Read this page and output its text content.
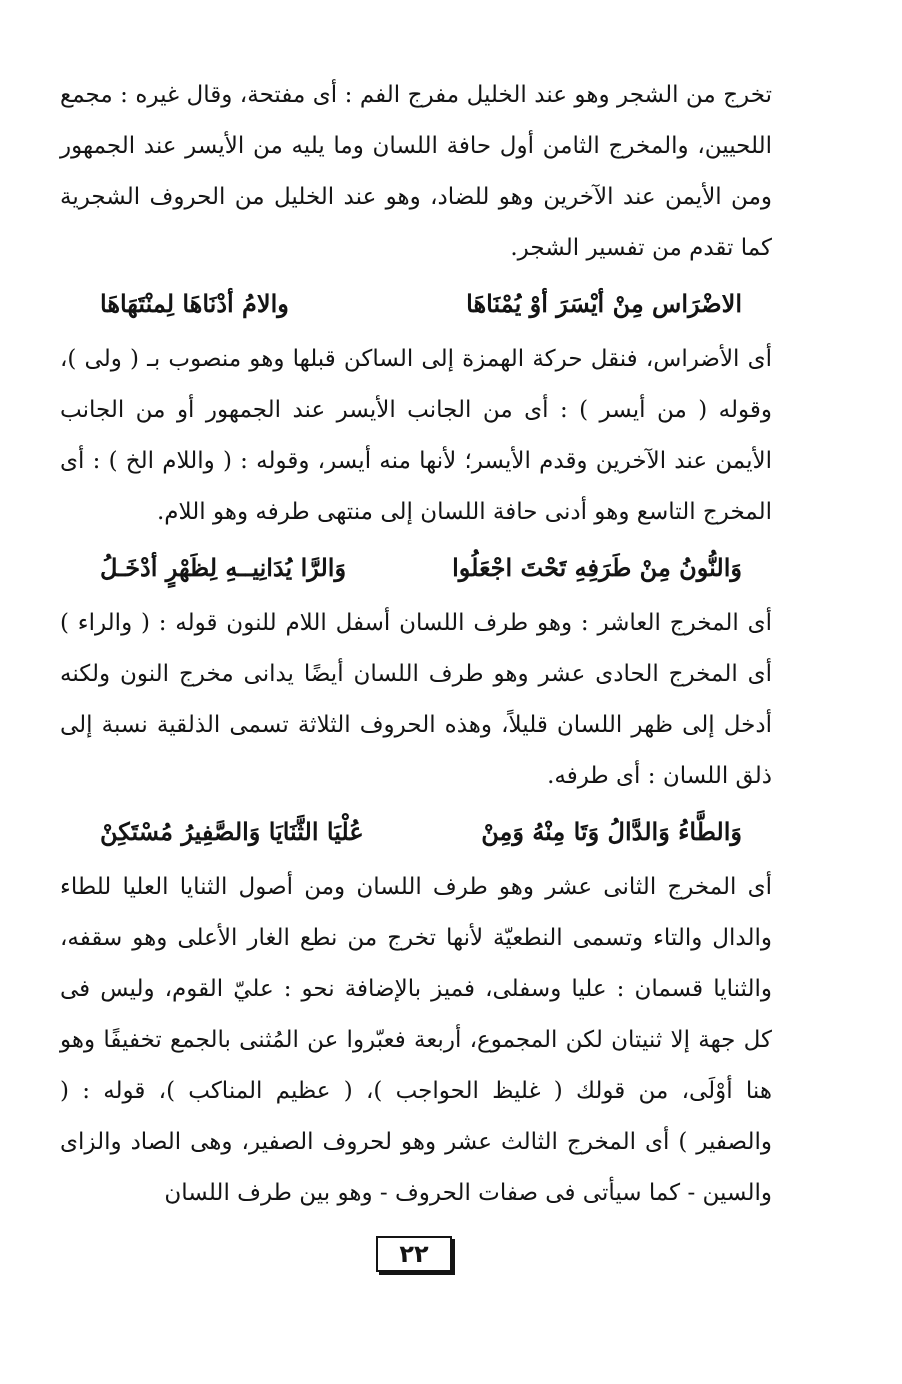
تخرج من الشجر وهو عند الخليل مفرج الفم : أى مفتحة، وقال غيره : مجمع اللحيين، والمخرج الثامن أول حافة اللسان وما يليه من الأيسر عند الجمهور ومن الأيمن عند الآخرين وهو للضاد، وهو عند الخليل من الحروف الشجرية كما تقدم من تفسير الشجر.

الاضْرَاس مِنْ أيْسَرَ أوْ يُمْنَاهَا
والامُ أدْنَاهَا لِمنْتَهَاهَا

أى الأضراس، فنقل حركة الهمزة إلى الساكن قبلها وهو منصوب بـ ( ولى )، وقوله ( من أيسر ) : أى من الجانب الأيسر عند الجمهور أو من الجانب الأيمن عند الآخرين وقدم الأيسر؛ لأنها منه أيسر، وقوله : ( واللام الخ ) : أى المخرج التاسع وهو أدنى حافة اللسان إلى منتهى طرفه وهو اللام.

وَالنُّونُ مِنْ طَرَفِهِ تَحْتَ اجْعَلُوا
وَالرَّا يُدَانِيــهِ لِظَهْرٍ أدْخَـلُ

أى المخرج العاشر : وهو طرف اللسان أسفل اللام للنون قوله : ( والراء ) أى المخرج الحادى عشر وهو طرف اللسان أيضًا يدانى مخرج النون ولكنه أدخل إلى ظهر اللسان قليلاً، وهذه الحروف الثلاثة تسمى الذلقية نسبة إلى ذلق اللسان : أى طرفه.

وَالطَّاءُ وَالدَّالُ وَتَا مِنْهُ وَمِنْ
عُلْيَا الثَّنَايَا وَالصَّفِيرُ مُسْتَكِنْ

أى المخرج الثانى عشر وهو طرف اللسان ومن أصول الثنايا العليا للطاء والدال والتاء وتسمى النطعيّة لأنها تخرج من نطع الغار الأعلى وهو سقفه، والثنايا قسمان : عليا وسفلى، فميز بالإضافة نحو : عليّ القوم، وليس فى كل جهة إلا ثنيتان لكن المجموع، أربعة فعبّروا عن المُثنى بالجمع تخفيفًا وهو هنا أوْلَى، من قولك ( غليظ الحواجب )، ( عظيم المناكب )، قوله : ( والصفير ) أى المخرج الثالث عشر وهو لحروف الصفير، وهى الصاد والزاى والسين - كما سيأتى فى صفات الحروف - وهو بين طرف اللسان

٢٢
